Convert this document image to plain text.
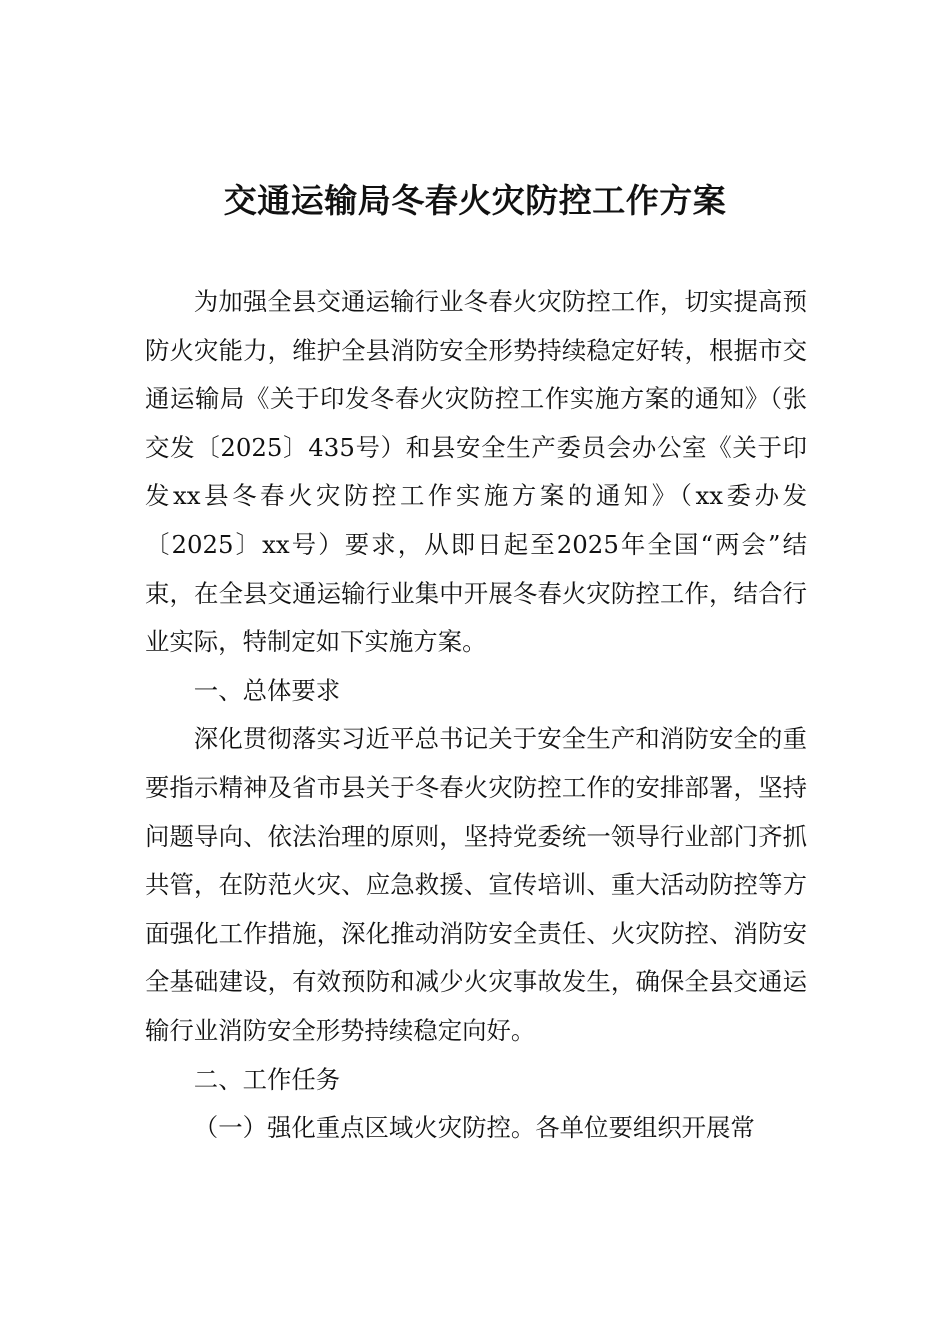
交通运输局冬春火灾防控工作方案

为加强全县交通运输行业冬春火灾防控工作，切实提高预防火灾能力，维护全县消防安全形势持续稳定好转，根据市交通运输局《关于印发冬春火灾防控工作实施方案的通知》（张交发〔2025〕435号）和县安全生产委员会办公室《关于印发xx县冬春火灾防控工作实施方案的通知》（xx委办发〔2025〕xx号）要求，从即日起至2025年全国“两会”结束，在全县交通运输行业集中开展冬春火灾防控工作，结合行业实际，特制定如下实施方案。

一、总体要求

深化贯彻落实习近平总书记关于安全生产和消防安全的重要指示精神及省市县关于冬春火灾防控工作的安排部署，坚持问题导向、依法治理的原则，坚持党委统一领导行业部门齐抓共管，在防范火灾、应急救援、宣传培训、重大活动防控等方面强化工作措施，深化推动消防安全责任、火灾防控、消防安全基础建设，有效预防和减少火灾事故发生，确保全县交通运输行业消防安全形势持续稳定向好。

二、工作任务

（一）强化重点区域火灾防控。各单位要组织开展常
